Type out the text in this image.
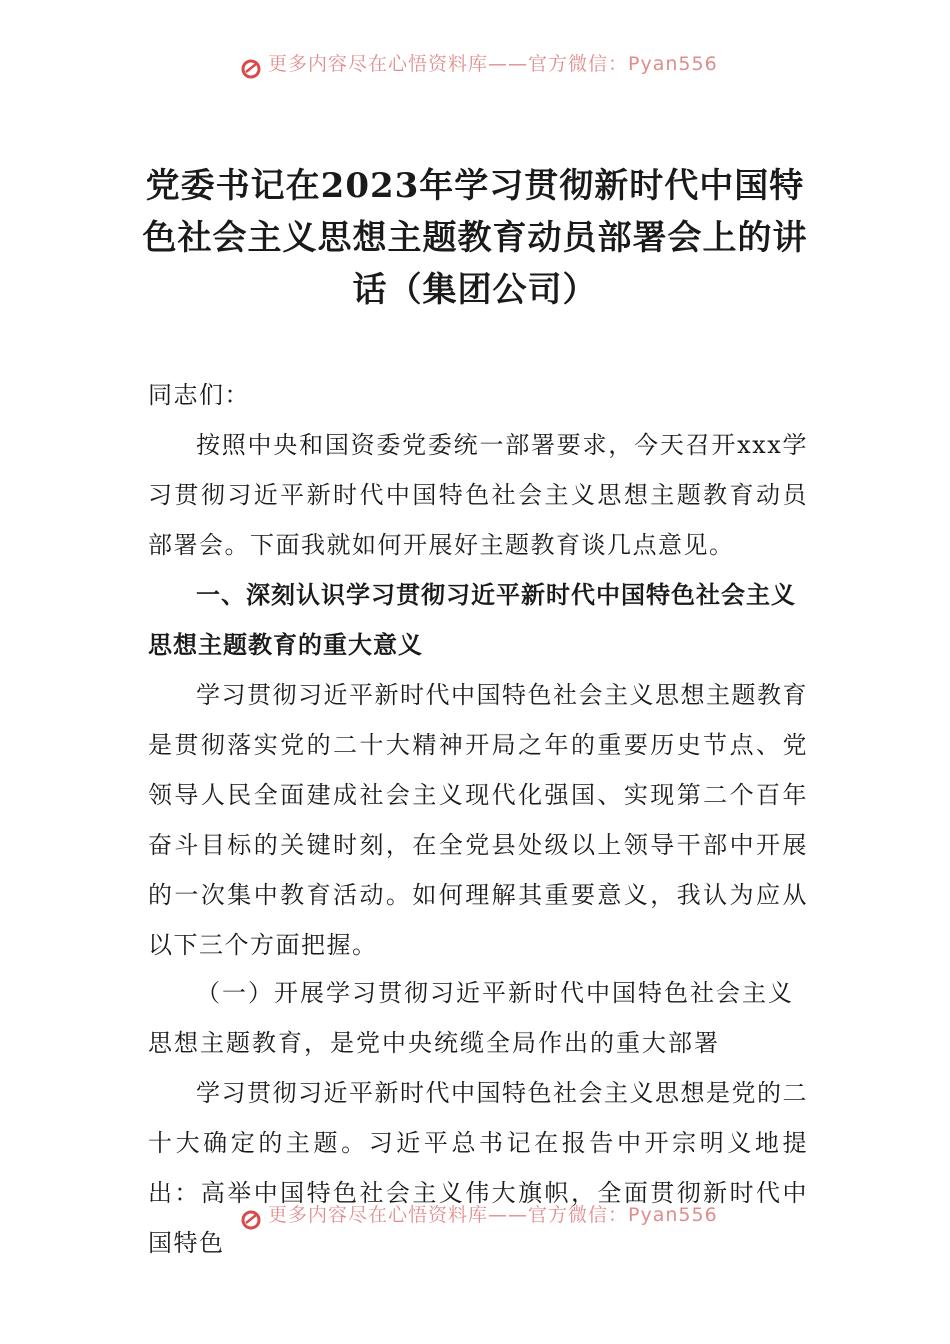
更多内容尽在心悟资料库——官方微信：Pyan556
党委书记在2023年学习贯彻新时代中国特色社会主义思想主题教育动员部署会上的讲话（集团公司）

同志们：

按照中央和国资委党委统一部署要求，今天召开xxx学习贯彻习近平新时代中国特色社会主义思想主题教育动员部署会。下面我就如何开展好主题教育谈几点意见。

一、深刻认识学习贯彻习近平新时代中国特色社会主义思想主题教育的重大意义

学习贯彻习近平新时代中国特色社会主义思想主题教育是贯彻落实党的二十大精神开局之年的重要历史节点、党领导人民全面建成社会主义现代化强国、实现第二个百年奋斗目标的关键时刻，在全党县处级以上领导干部中开展的一次集中教育活动。如何理解其重要意义，我认为应从以下三个方面把握。

（一）开展学习贯彻习近平新时代中国特色社会主义思想主题教育，是党中央统缆全局作出的重大部署

学习贯彻习近平新时代中国特色社会主义思想是党的二十大确定的主题。习近平总书记在报告中开宗明义地提出：高举中国特色社会主义伟大旗帜，全面贯彻新时代中国特色

更多内容尽在心悟资料库——官方微信：Pyan556
